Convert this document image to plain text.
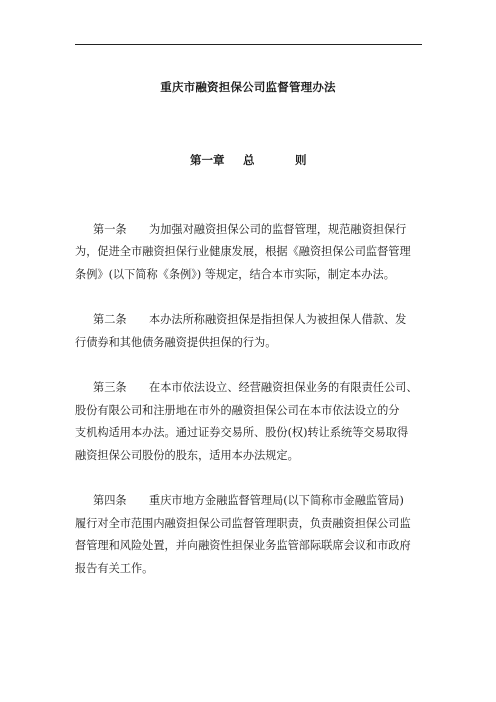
重庆市融资担保公司监督管理办法
第一章 总	则
第一条 为加强对融资担保公司的监督管理，规范融资担保行
为，促进全市融资担保行业健康发展，根据《融资担保公司监督管理
条例》(以下简称《条例》) 等规定，结合本市实际，制定本办法。
第二条 本办法所称融资担保是指担保人为被担保人借款、发
行债券和其他债务融资提供担保的行为。
第三条 在本市依法设立、经营融资担保业务的有限责任公司、
股份有限公司和注册地在市外的融资担保公司在本市依法设立的分
支机构适用本办法。通过证券交易所、股份(权)转让系统等交易取得
融资担保公司股份的股东，适用本办法规定。
第四条 重庆市地方金融监督管理局(以下简称市金融监管局)
履行对全市范围内融资担保公司监督管理职责，负责融资担保公司监
督管理和风险处置，并向融资性担保业务监管部际联席会议和市政府
报告有关工作。
